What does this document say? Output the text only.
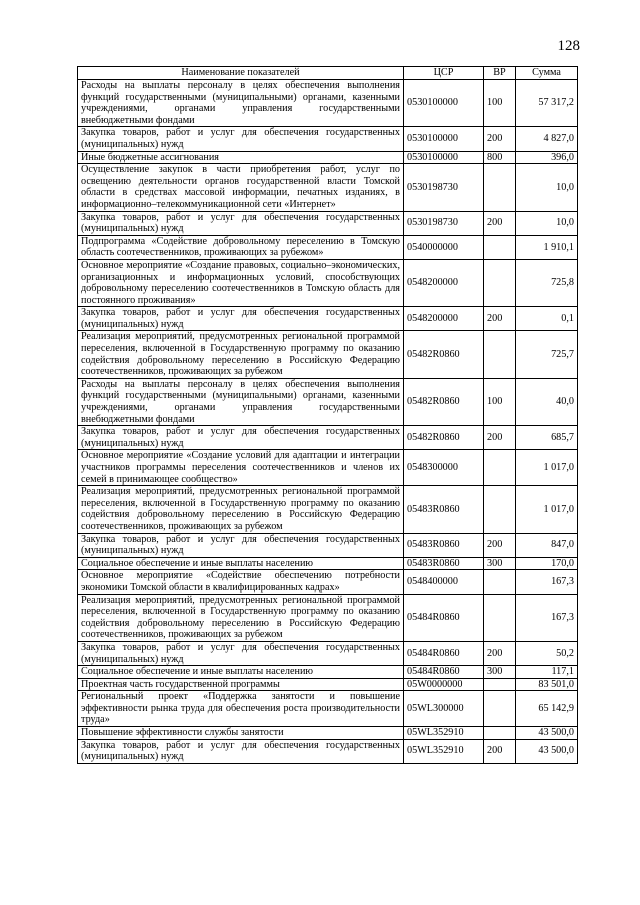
128
Наименование показателей	ЦСР	ВР	Сумма
Расходы на выплаты персоналу в целях обеспечения выполнения функций государственными (муниципальными) органами, казенными учреждениями, органами управления государственными внебюджетными фондами	0530100000	100	57 317,2
Закупка товаров, работ и услуг для обеспечения государственных (муниципальных) нужд	0530100000	200	4 827,0
Иные бюджетные ассигнования	0530100000	800	396,0
Осуществление закупок в части приобретения работ, услуг по освещению деятельности органов государственной власти Томской области в средствах массовой информации, печатных изданиях, в информационно–телекоммуникационной сети «Интернет»	0530198730		10,0
Закупка товаров, работ и услуг для обеспечения государственных (муниципальных) нужд	0530198730	200	10,0
Подпрограмма «Содействие добровольному переселению в Томскую область соотечественников, проживающих за рубежом»	0540000000		1 910,1
Основное мероприятие «Создание правовых, социально–экономических, организационных и информационных условий, способствующих добровольному переселению соотечественников в Томскую область для постоянного проживания»	0548200000		725,8
Закупка товаров, работ и услуг для обеспечения государственных (муниципальных) нужд	0548200000	200	0,1
Реализация мероприятий, предусмотренных региональной программой переселения, включенной в Государственную программу по оказанию содействия добровольному переселению в Российскую Федерацию соотечественников, проживающих за рубежом	05482R0860		725,7
Расходы на выплаты персоналу в целях обеспечения выполнения функций государственными (муниципальными) органами, казенными учреждениями, органами управления государственными внебюджетными фондами	05482R0860	100	40,0
Закупка товаров, работ и услуг для обеспечения государственных (муниципальных) нужд	05482R0860	200	685,7
Основное мероприятие «Создание условий для адаптации и интеграции участников программы переселения соотечественников и членов их семей в принимающее сообщество»	0548300000		1 017,0
Реализация мероприятий, предусмотренных региональной программой переселения, включенной в Государственную программу по оказанию содействия добровольному переселению в Российскую Федерацию соотечественников, проживающих за рубежом	05483R0860		1 017,0
Закупка товаров, работ и услуг для обеспечения государственных (муниципальных) нужд	05483R0860	200	847,0
Социальное обеспечение и иные выплаты населению	05483R0860	300	170,0
Основное мероприятие «Содействие обеспечению потребности экономики Томской области в квалифицированных кадрах»	0548400000		167,3
Реализация мероприятий, предусмотренных региональной программой переселения, включенной в Государственную программу по оказанию содействия добровольному переселению в Российскую Федерацию соотечественников, проживающих за рубежом	05484R0860		167,3
Закупка товаров, работ и услуг для обеспечения государственных (муниципальных) нужд	05484R0860	200	50,2
Социальное обеспечение и иные выплаты населению	05484R0860	300	117,1
Проектная часть государственной программы	05W0000000		83 501,0
Региональный проект «Поддержка занятости и повышение эффективности рынка труда для обеспечения роста производительности труда»	05WL300000		65 142,9
Повышение эффективности службы занятости	05WL352910		43 500,0
Закупка товаров, работ и услуг для обеспечения государственных (муниципальных) нужд	05WL352910	200	43 500,0
